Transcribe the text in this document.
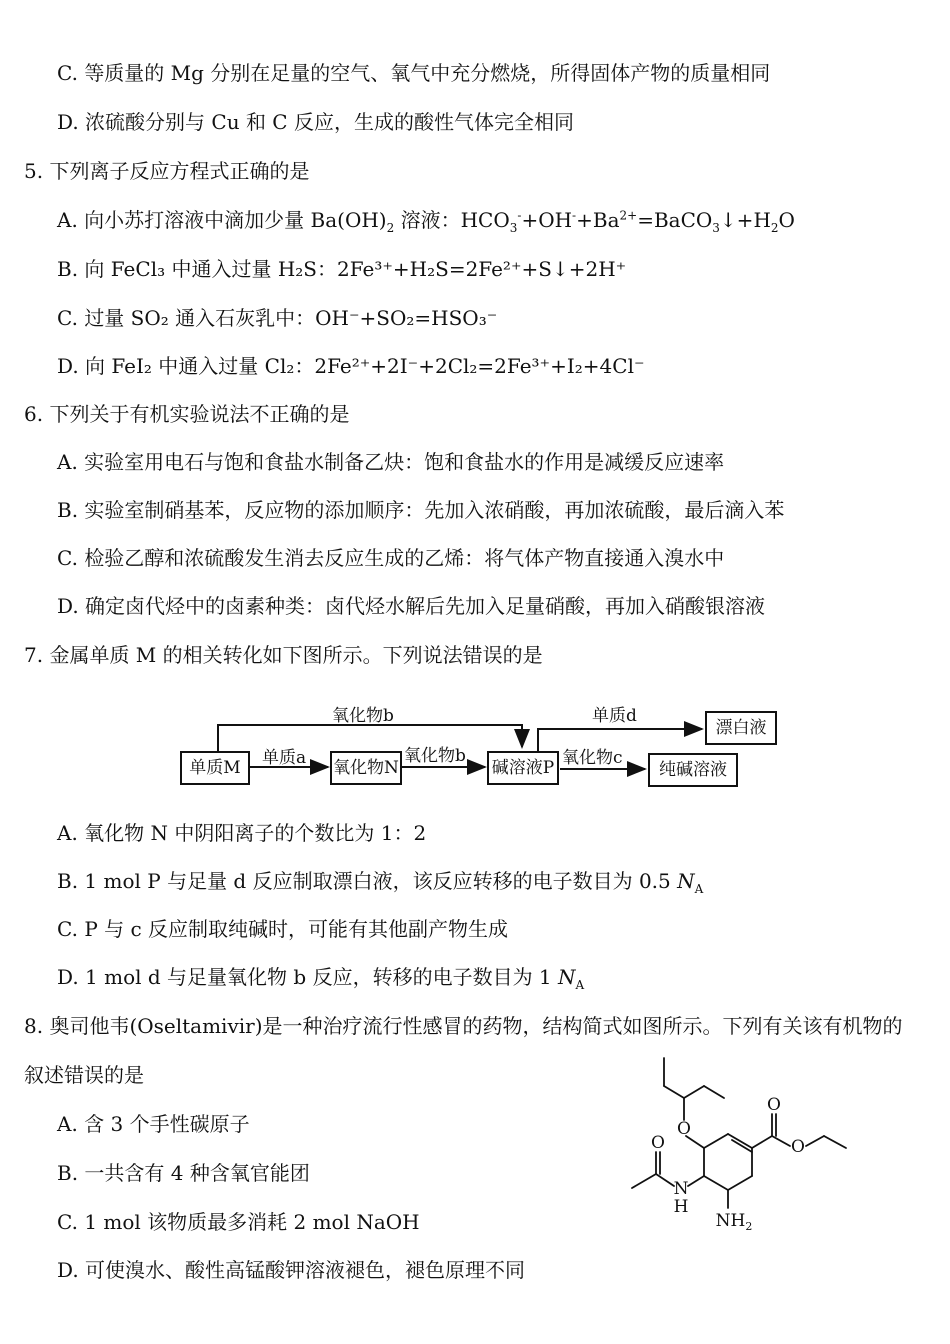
C. 等质量的 Mg 分别在足量的空气、氧气中充分燃烧，所得固体产物的质量相同
D. 浓硫酸分别与 Cu 和 C 反应，生成的酸性气体完全相同
5. 下列离子反应方程式正确的是
A. 向小苏打溶液中滴加少量 $Ba(OH)_2$ 溶液：$HCO_3^-+OH^-+Ba^{2+}=BaCO_3↓+H_2O$
B. 向 FeCl₃ 中通入过量 H₂S：2Fe³⁺+H₂S=2Fe²⁺+S↓+2H⁺
C. 过量 SO₂ 通入石灰乳中：OH⁻+SO₂=HSO₃⁻
D. 向 FeI₂ 中通入过量 Cl₂：2Fe²⁺+2I⁻+2Cl₂=2Fe³⁺+I₂+4Cl⁻
6. 下列关于有机实验说法不正确的是
A. 实验室用电石与饱和食盐水制备乙炔：饱和食盐水的作用是减缓反应速率
B. 实验室制硝基苯，反应物的添加顺序：先加入浓硝酸，再加浓硫酸，最后滴入苯
C. 检验乙醇和浓硫酸发生消去反应生成的乙烯：将气体产物直接通入溴水中
D. 确定卤代烃中的卤素种类：卤代烃水解后先加入足量硝酸，再加入硝酸银溶液
7. 金属单质 M 的相关转化如下图所示。下列说法错误的是
单质M	氧化物N	碱溶液P
漂白液
纯碱溶液
单质a	氧化物b
氧化物b	单质d
氧化物c
A. 氧化物 N 中阴阳离子的个数比为 1：2
B. 1 mol P 与足量 d 反应制取漂白液，该反应转移的电子数目为 0.5 $N_A$
C. P 与 c 反应制取纯碱时，可能有其他副产物生成
D. 1 mol d 与足量氧化物 b 反应，转移的电子数目为 1 $N_A$
8. 奥司他韦(Oseltamivir)是一种治疗流行性感冒的药物，结构简式如图所示。下列有关该有机物的
叙述错误的是
A. 含 3 个手性碳原子
B. 一共含有 4 种含氧官能团
C. 1 mol 该物质最多消耗 2 mol NaOH
D. 可使溴水、酸性高锰酸钾溶液褪色，褪色原理不同
O
O
O
O
N
H
$NH_2$
